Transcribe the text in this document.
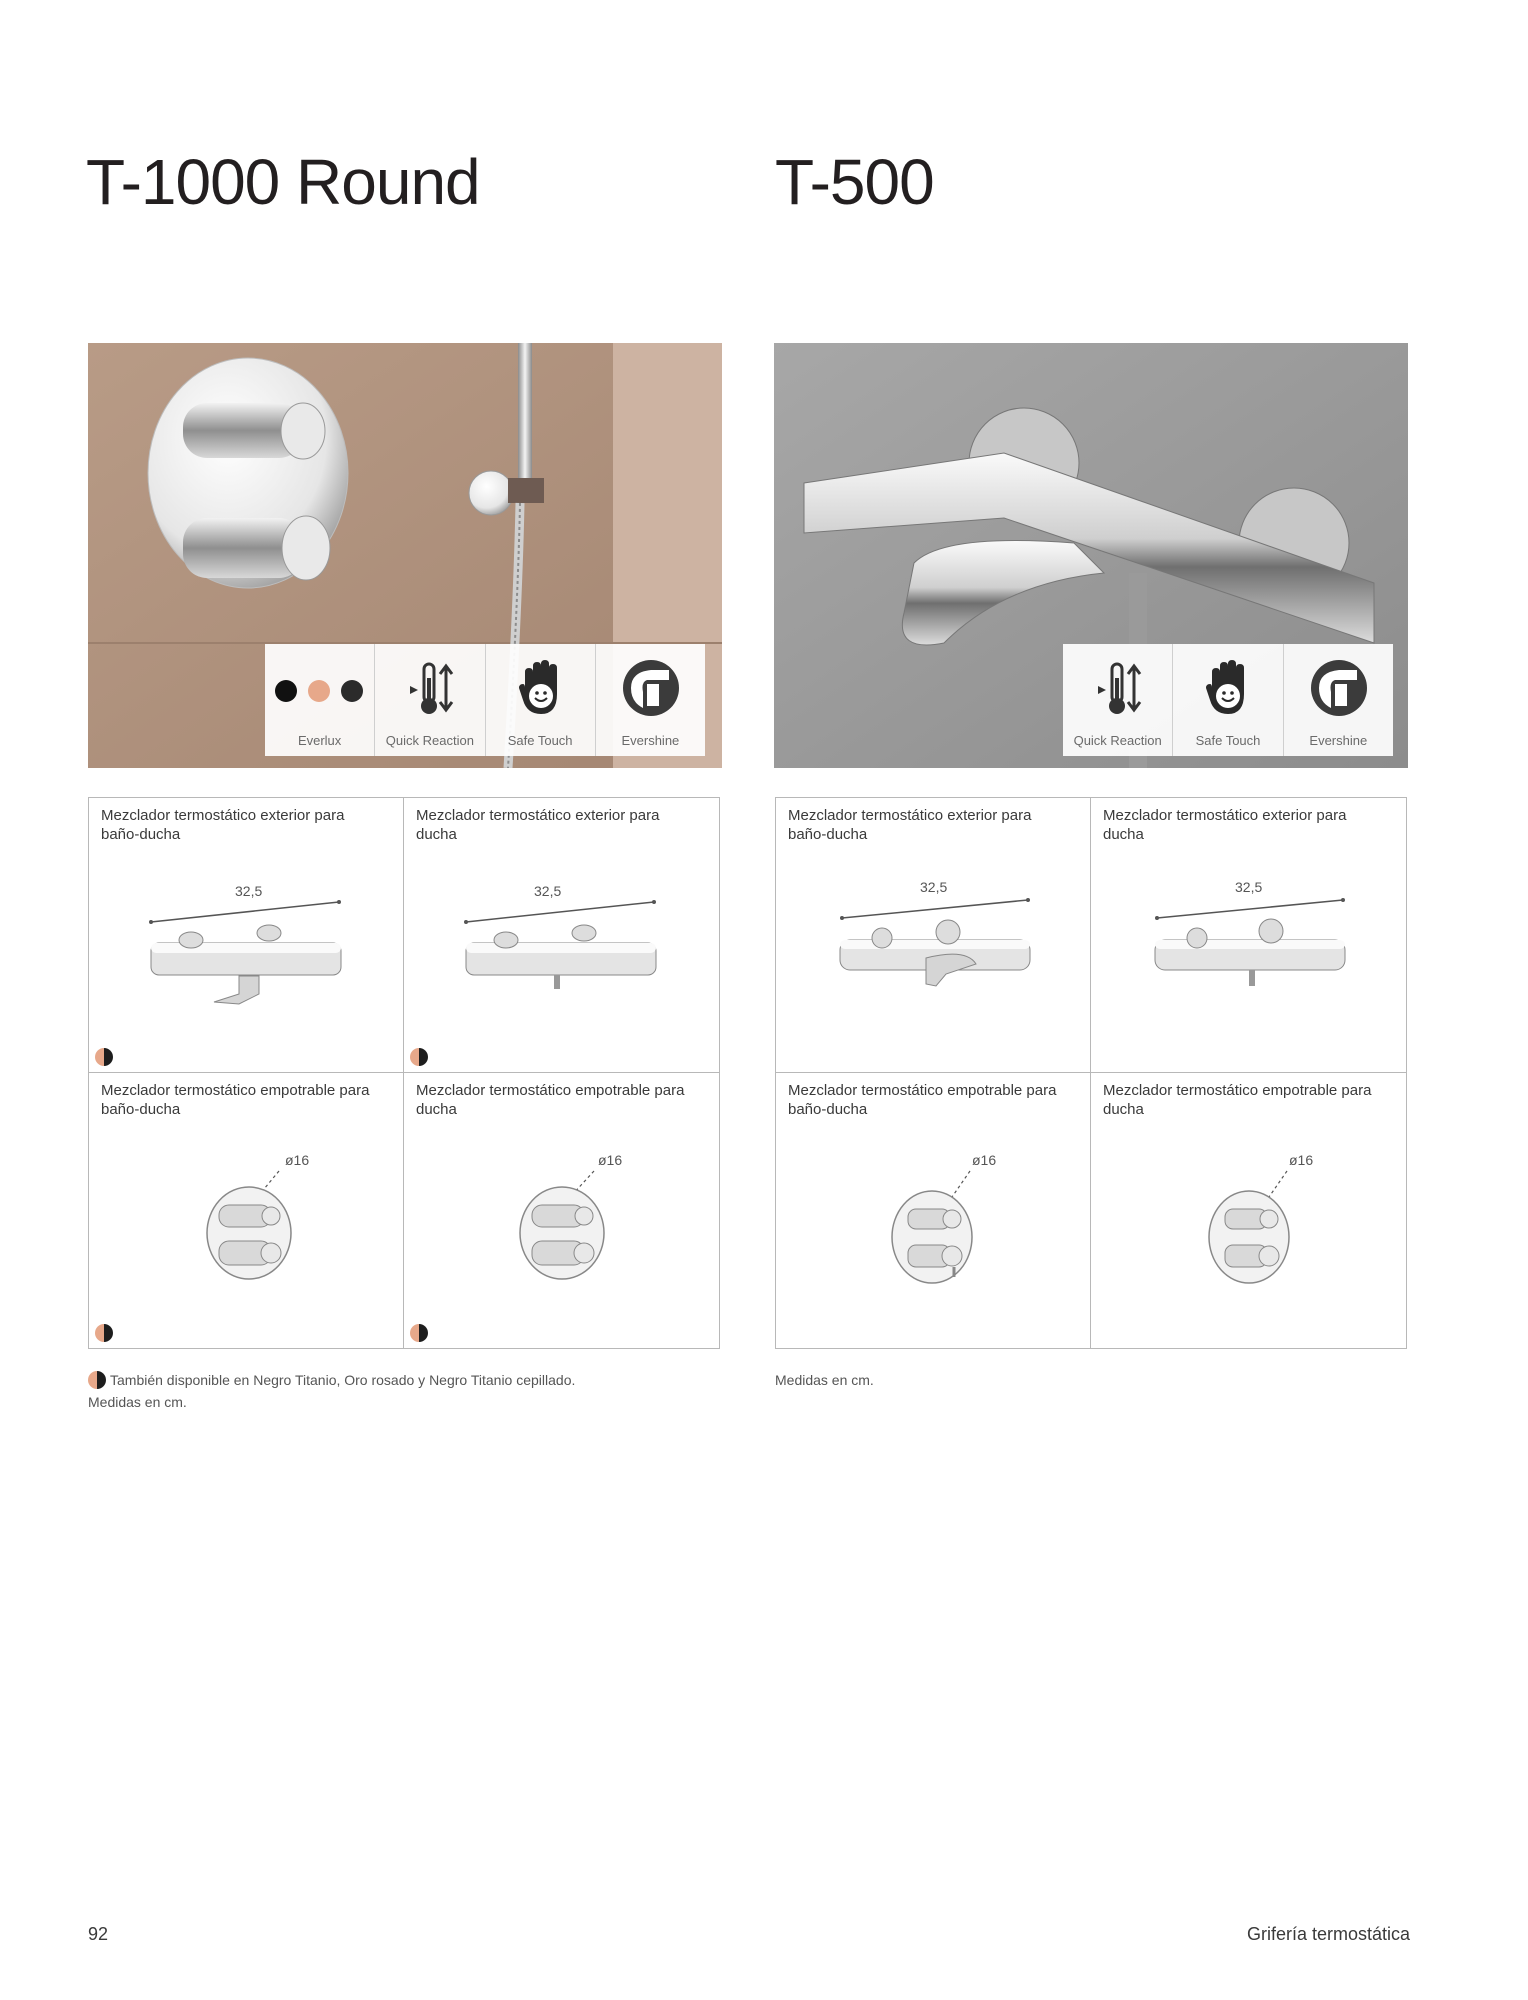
T-1000 Round	T-500
Everlux	Quick Reaction	Safe Touch	Evershine	Quick Reaction	Safe Touch	Evershine
Mezclador termostático exterior para baño-ducha
32,5
Mezclador termostático exterior para ducha
32,5
Mezclador termostático empotrable para baño-ducha
ø16
Mezclador termostático empotrable para ducha
ø16
Mezclador termostático exterior para baño-ducha
32,5
Mezclador termostático exterior para ducha
32,5
Mezclador termostático empotrable para baño-ducha
ø16
Mezclador termostático empotrable para ducha
ø16
También disponible en Negro Titanio, Oro rosado y Negro Titanio cepillado.
Medidas en cm.
Medidas en cm.
92	Grifería termostática
